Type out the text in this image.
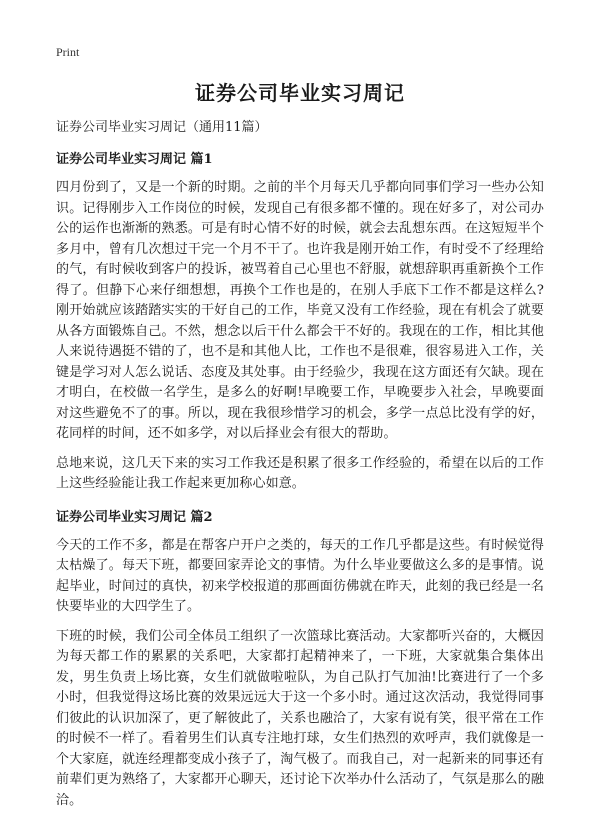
Print

证券公司毕业实习周记

证券公司毕业实习周记（通用11篇）

证券公司毕业实习周记 篇1

四月份到了，又是一个新的时期。之前的半个月每天几乎都向同事们学习一些办公知识。记得刚步入工作岗位的时候，发现自己有很多都不懂的。现在好多了，对公司办公的运作也渐渐的熟悉。可是有时心情不好的时候，就会去乱想东西。在这短短半个多月中，曾有几次想过干完一个月不干了。也许我是刚开始工作，有时受不了经理给的气，有时候收到客户的投诉，被骂着自己心里也不舒服，就想辞职再重新换个工作得了。但静下心来仔细想想，再换个工作也是的，在别人手底下工作不都是这样么?刚开始就应该踏踏实实的干好自己的工作，毕竟又没有工作经验，现在有机会了就要从各方面锻炼自己。不然，想念以后干什么都会干不好的。我现在的工作，相比其他人来说待遇挺不错的了，也不是和其他人比，工作也不是很难，很容易进入工作，关键是学习对人怎么说话、态度及其处事。由于经验少，我现在这方面还有欠缺。现在才明白，在校做一名学生，是多么的好啊!早晚要工作，早晚要步入社会，早晚要面对这些避免不了的事。所以，现在我很珍惜学习的机会，多学一点总比没有学的好，花同样的时间，还不如多学，对以后择业会有很大的帮助。

总地来说，这几天下来的实习工作我还是积累了很多工作经验的，希望在以后的工作上这些经验能让我工作起来更加称心如意。

证券公司毕业实习周记 篇2

今天的工作不多，都是在帮客户开户之类的，每天的工作几乎都是这些。有时候觉得太枯燥了。每天下班，都要回家弄论文的事情。为什么毕业要做这么多的是事情。说起毕业，时间过的真快，初来学校报道的那画面彷佛就在昨天，此刻的我已经是一名快要毕业的大四学生了。

下班的时候，我们公司全体员工组织了一次篮球比赛活动。大家都听兴奋的，大概因为每天都工作的累累的关系吧，大家都打起精神来了，一下班，大家就集合集体出发，男生负责上场比赛，女生们就做啦啦队，为自己队打气加油!比赛进行了一个多小时，但我觉得这场比赛的效果远远大于这一个多小时。通过这次活动，我觉得同事们彼此的认识加深了，更了解彼此了，关系也融洽了，大家有说有笑，很平常在工作的时候不一样了。看着男生们认真专注地打球，女生们热烈的欢呼声，我们就像是一个大家庭，就连经理都变成小孩子了，淘气极了。而我自己，对一起新来的同事还有前辈们更为熟络了，大家都开心聊天，还讨论下次举办什么活动了，气氛是那么的融洽。
